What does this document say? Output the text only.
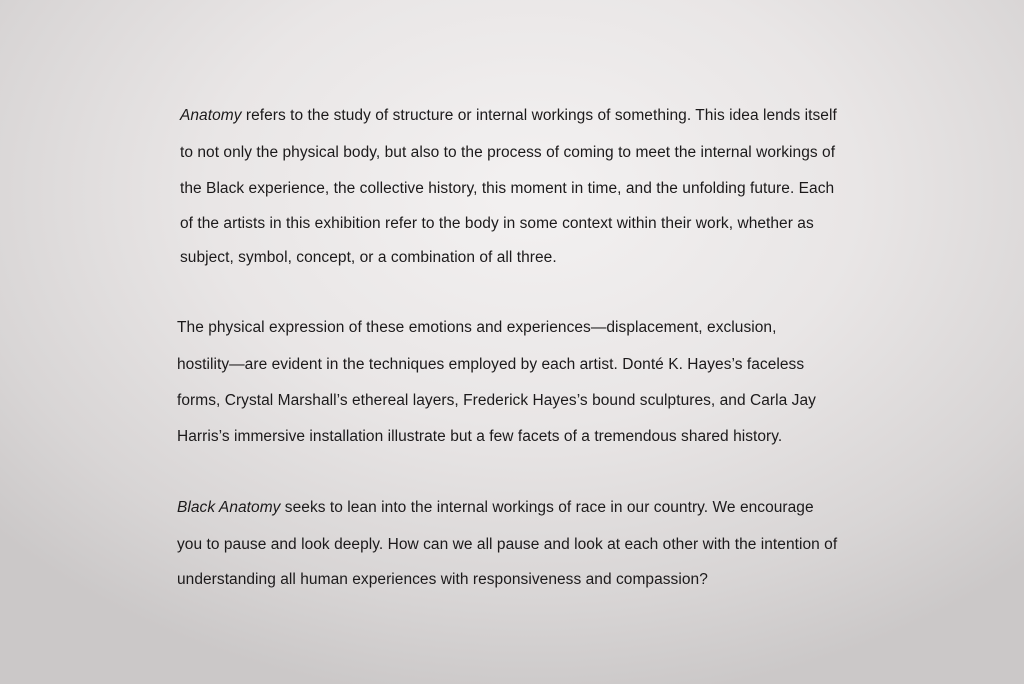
Anatomy refers to the study of structure or internal workings of something. This idea lends itself
to not only the physical body, but also to the process of coming to meet the internal workings of
the Black experience, the collective history, this moment in time, and the unfolding future. Each
of the artists in this exhibition refer to the body in some context within their work, whether as
subject, symbol, concept, or a combination of all three.
The physical expression of these emotions and experiences—displacement, exclusion,
hostility—are evident in the techniques employed by each artist. Donté K. Hayes’s faceless
forms, Crystal Marshall’s ethereal layers, Frederick Hayes’s bound sculptures, and Carla Jay
Harris’s immersive installation illustrate but a few facets of a tremendous shared history.
Black Anatomy seeks to lean into the internal workings of race in our country. We encourage
you to pause and look deeply. How can we all pause and look at each other with the intention of
understanding all human experiences with responsiveness and compassion?
